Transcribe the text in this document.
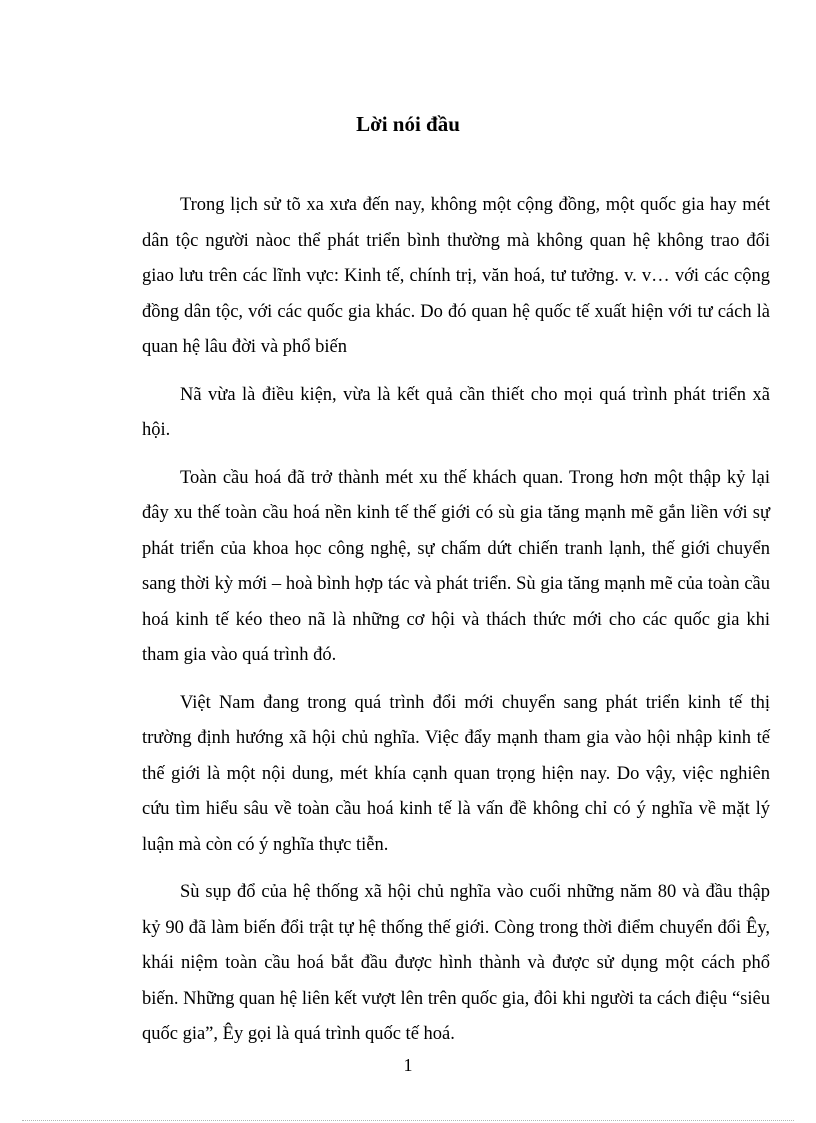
Lời nói đầu

Trong lịch sử tõ xa xưa đến nay, không một cộng đồng, một quốc gia hay mét dân tộc người nàoc thể phát triển bình thường mà không quan hệ không trao đổi giao lưu trên các lĩnh vực: Kinh tế, chính trị, văn hoá, tư tưởng. v. v… với các cộng đồng dân tộc, với các quốc gia khác. Do đó quan hệ quốc tế xuất hiện với tư cách là quan hệ lâu đời và phổ biến

Nã vừa là điều kiện, vừa là kết quả cần thiết cho mọi quá trình phát triển xã hội.

Toàn cầu hoá đã trở thành mét xu thế khách quan. Trong hơn một thập kỷ lại đây xu thế toàn cầu hoá nền kinh tế thế giới có sù gia tăng mạnh mẽ gắn liền với sự phát triển của khoa học công nghệ, sự chấm dứt chiến tranh lạnh, thế giới chuyển sang thời kỳ mới – hoà bình hợp tác và phát triển. Sù gia tăng mạnh mẽ của toàn cầu hoá kinh tế kéo theo nã là những cơ hội và thách thức mới cho các quốc gia khi tham gia vào quá trình đó.

Việt Nam đang trong quá trình đổi mới chuyển sang phát triển kinh tế thị trường định hướng xã hội chủ nghĩa. Việc đẩy mạnh tham gia vào hội nhập kinh tế thế giới là một nội dung, mét khía cạnh quan trọng hiện nay. Do vậy, việc nghiên cứu tìm hiểu sâu về toàn cầu hoá kinh tế là vấn đề không chỉ có ý nghĩa về mặt lý luận mà còn có ý nghĩa thực tiễn.

Sù sụp đổ của hệ thống xã hội chủ nghĩa vào cuối những năm 80 và đầu thập kỷ 90 đã làm biến đổi trật tự hệ thống thế giới. Còng trong thời điểm chuyển đổi Êy, khái niệm toàn cầu hoá bắt đầu được hình thành và được sử dụng một cách phổ biến. Những quan hệ liên kết vượt lên trên quốc gia, đôi khi người ta cách điệu “siêu quốc gia”, Êy gọi là quá trình quốc tế hoá.

1
